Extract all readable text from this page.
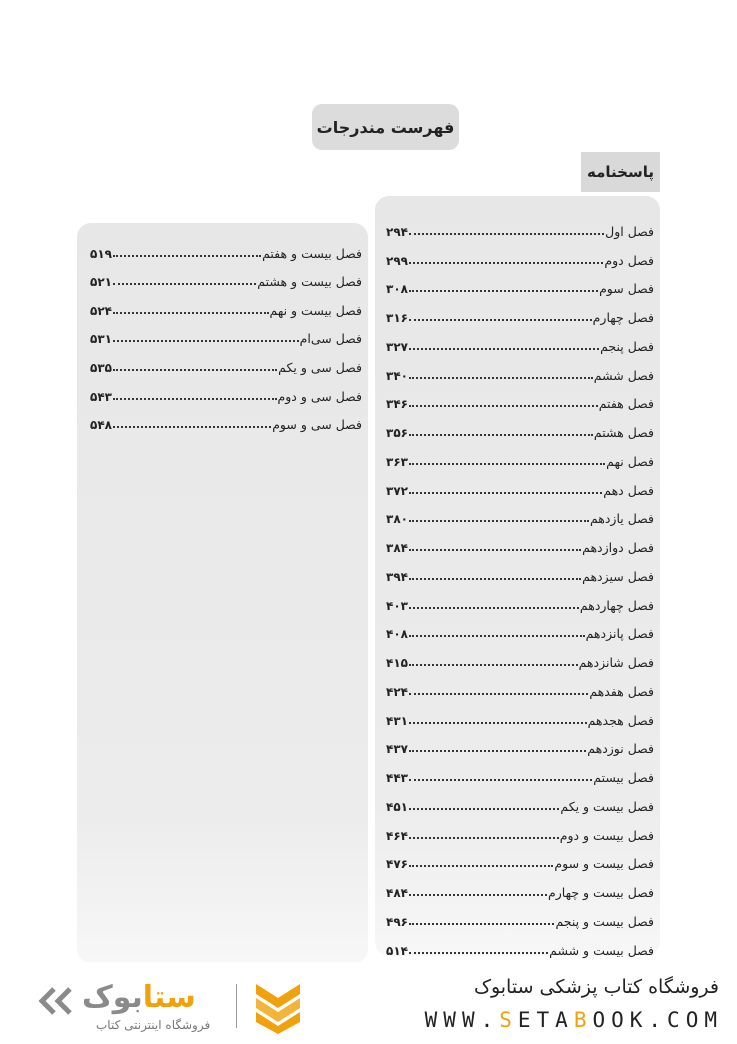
فهرست مندرجات
پاسخنامه
فصل اول
۲۹۴
فصل دوم
۲۹۹
فصل سوم
۳۰۸
فصل چهارم
۳۱۶
فصل پنجم
۳۲۷
فصل ششم
۳۴۰
فصل هفتم
۳۴۶
فصل هشتم
۳۵۶
فصل نهم
۳۶۳
فصل دهم
۳۷۲
فصل یازدهم
۳۸۰
فصل دوازدهم
۳۸۴
فصل سیزدهم
۳۹۴
فصل چهاردهم
۴۰۳
فصل پانزدهم
۴۰۸
فصل شانزدهم
۴۱۵
فصل هفدهم
۴۲۴
فصل هجدهم
۴۳۱
فصل نوزدهم
۴۳۷
فصل بیستم
۴۴۳
فصل بیست و یکم
۴۵۱
فصل بیست و دوم
۴۶۴
فصل بیست و سوم
۴۷۶
فصل بیست و چهارم
۴۸۴
فصل بیست و پنجم
۴۹۶
فصل بیست و ششم
۵۱۴
فصل بیست و هفتم
۵۱۹
فصل بیست و هشتم
۵۲۱
فصل بیست و نهم
۵۲۴
فصل سی‌ام
۵۳۱
فصل سی و یکم
۵۳۵
فصل سی و دوم
۵۴۳
فصل سی و سوم
۵۴۸
فروشگاه کتاب پزشکی ستابوک
WWW.SETABOOK.COM
ستابوک
فروشگاه اینترنتی کتاب
